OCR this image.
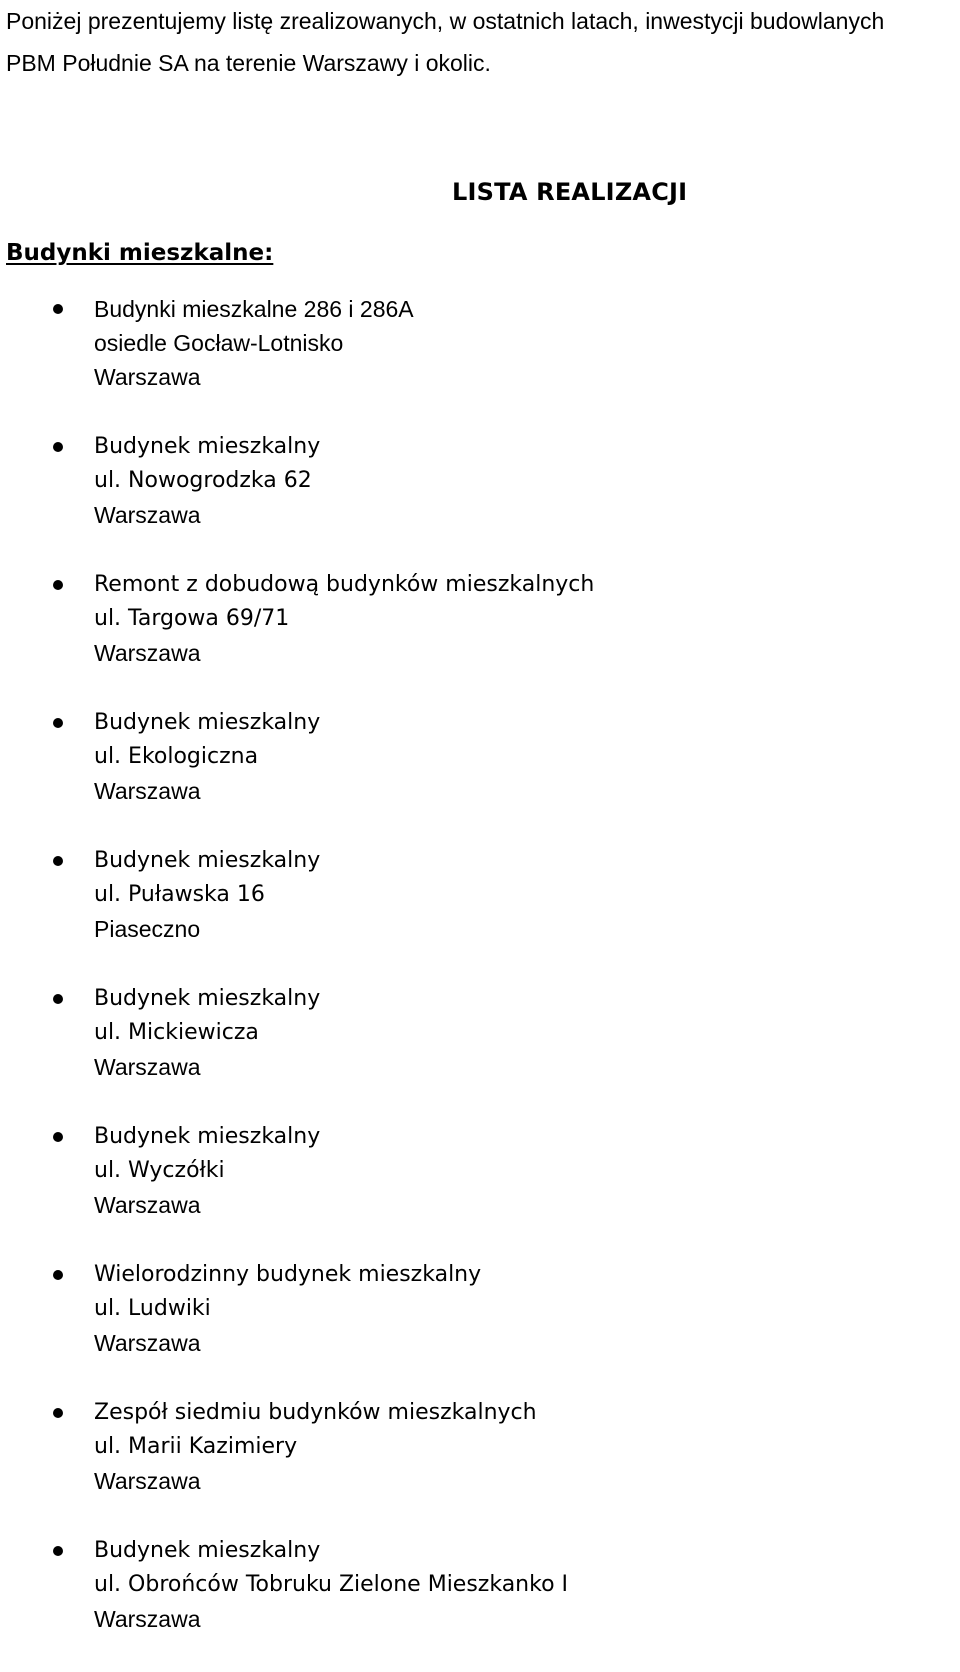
Poniżej prezentujemy listę zrealizowanych, w ostatnich latach, inwestycji budowlanych

PBM Południe SA na terenie Warszawy i okolic.

LISTA REALIZACJI
Budynki mieszkalne:
Budynki mieszkalne 286 i 286A
osiedle Gocław-Lotnisko
Warszawa
Budynek mieszkalny
ul. Nowogrodzka 62
Warszawa
Remont z dobudową budynków mieszkalnych
ul. Targowa 69/71
Warszawa
Budynek mieszkalny
ul. Ekologiczna
Warszawa
Budynek mieszkalny
ul. Puławska 16
Piaseczno
Budynek mieszkalny
ul. Mickiewicza
Warszawa
Budynek mieszkalny
ul. Wyczółki
Warszawa
Wielorodzinny budynek mieszkalny
ul. Ludwiki
Warszawa
Zespół siedmiu budynków mieszkalnych
ul. Marii Kazimiery
Warszawa
Budynek mieszkalny
ul. Obrońców Tobruku Zielone Mieszkanko I
Warszawa
